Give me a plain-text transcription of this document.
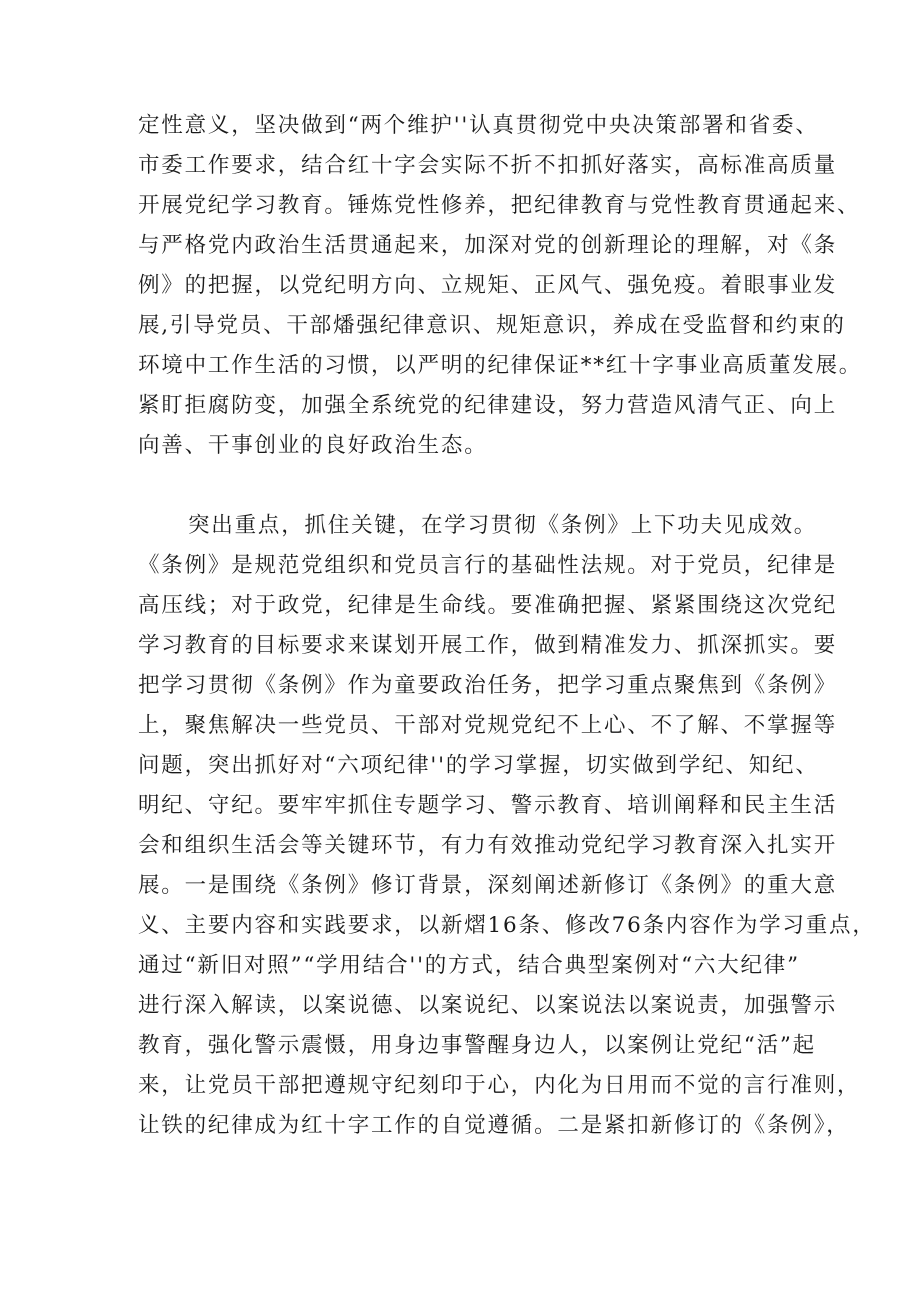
定性意义，坚决做到“两个维护''认真贯彻党中央决策部署和省委、
市委工作要求，结合红十字会实际不折不扣抓好落实，高标准高质量
开展党纪学习教育。锤炼党性修养，把纪律教育与党性教育贯通起来、
与严格党内政治生活贯通起来，加深对党的创新理论的理解，对《条
例》的把握，以党纪明方向、立规矩、正风气、强免疫。着眼事业发
展,引导党员、干部燔强纪律意识、规矩意识，养成在受监督和约束的
环境中工作生活的习惯，以严明的纪律保证**红十字事业高质董发展。
紧盯拒腐防变，加强全系统党的纪律建设，努力营造风清气正、向上
向善、干事创业的良好政治生态。
突出重点，抓住关键，在学习贯彻《条例》上下功夫见成效。
《条例》是规范党组织和党员言行的基础性法规。对于党员，纪律是
高压线；对于政党，纪律是生命线。要准确把握、紧紧围绕这次党纪
学习教育的目标要求来谋划开展工作，做到精准发力、抓深抓实。要
把学习贯彻《条例》作为童要政治任务，把学习重点聚焦到《条例》
上，聚焦解决一些党员、干部对党规党纪不上心、不了解、不掌握等
问题，突出抓好对“六项纪律''的学习掌握，切实做到学纪、知纪、
明纪、守纪。要牢牢抓住专题学习、警示教育、培训阐释和民主生活
会和组织生活会等关键环节，有力有效推动党纪学习教育深入扎实开
展。一是围绕《条例》修订背景，深刻阐述新修订《条例》的重大意
义、主要内容和实践要求，以新熠16条、修改76条内容作为学习重点，
通过“新旧对照”“学用结合''的方式，结合典型案例对“六大纪律”
进行深入解读，以案说德、以案说纪、以案说法以案说责，加强警示
教育，强化警示震慑，用身边事警醒身边人，以案例让党纪“活”起
来，让党员干部把遵规守纪刻印于心，内化为日用而不觉的言行准则，
让铁的纪律成为红十字工作的自觉遵循。二是紧扣新修订的《条例》，
